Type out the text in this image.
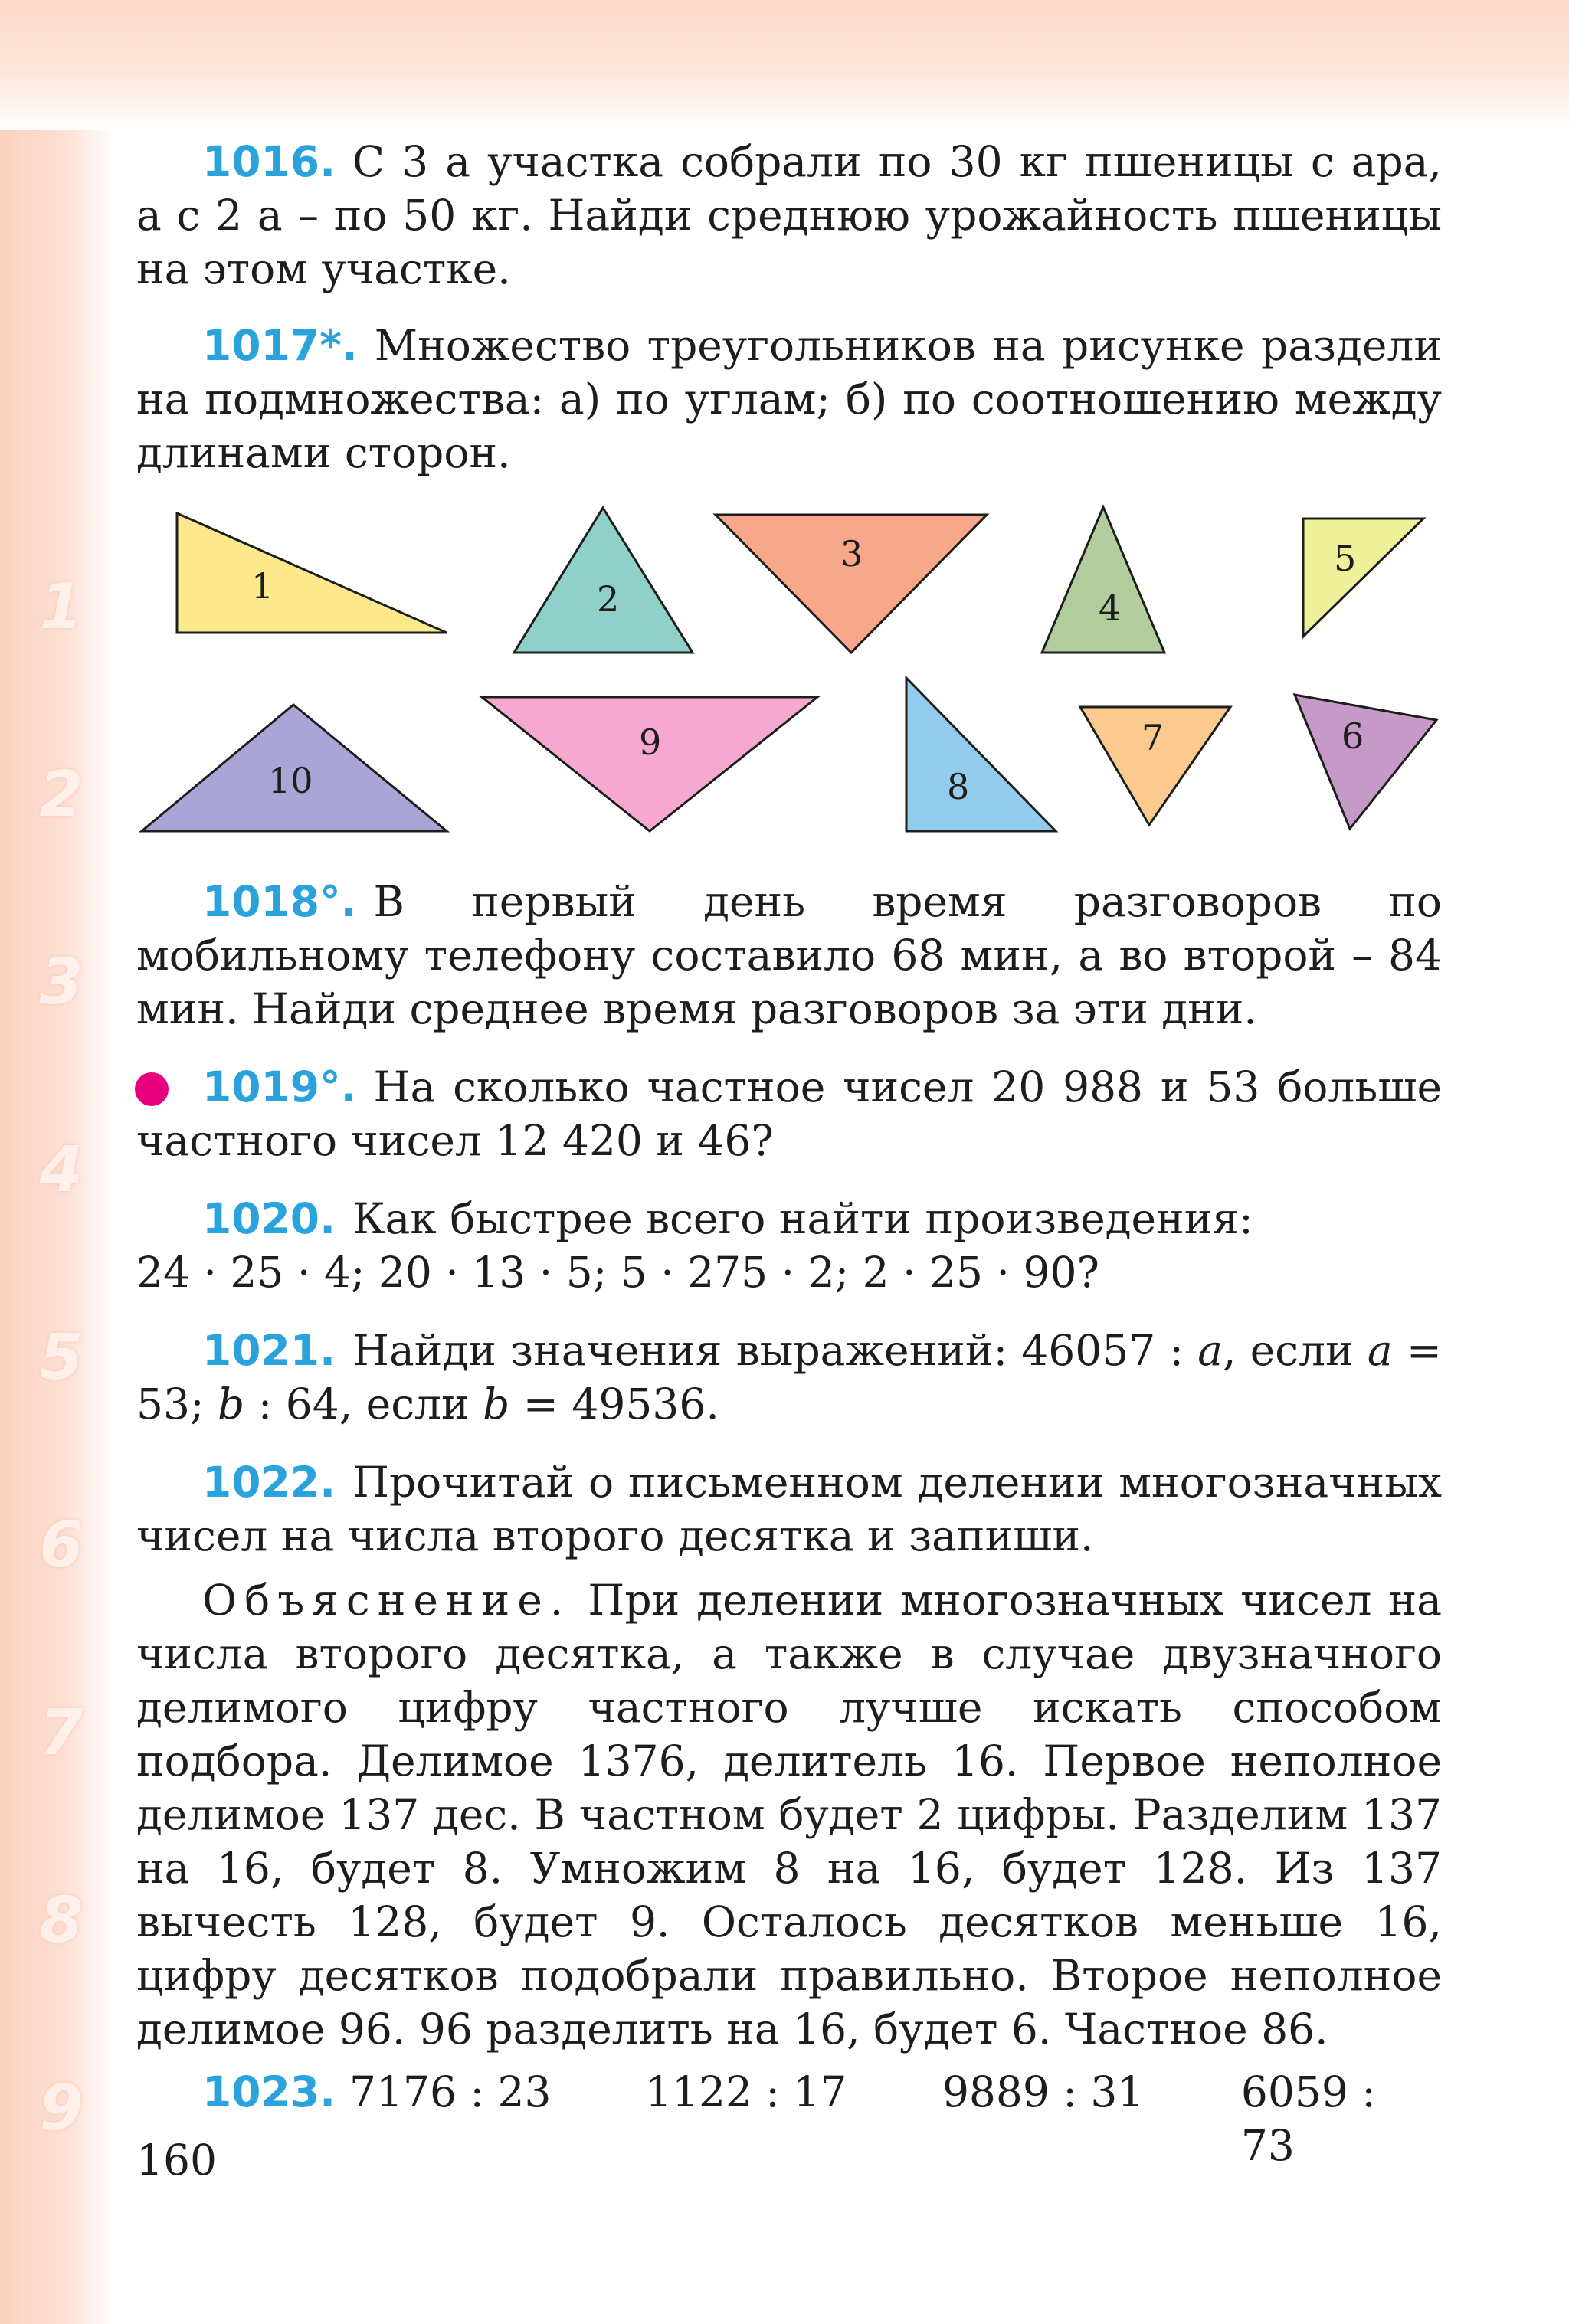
1
2
3
4
5
6
7
8
9

1016. С 3 а участка собрали по 30 кг пшеницы с ара, а с 2 а – по 50 кг. Найди среднюю урожайность пшеницы на этом участке.

1017*. Множество треугольников на рисунке раздели на подмножества: а) по углам; б) по соотношению между длинами сторон.

1	2
3
4
5
10
9
8
7	6

1018°. В первый день время разговоров по мобильному телефону составило 68 мин, а во второй – 84 мин. Найди среднее время разговоров за эти дни.

1019°. На сколько частное чисел 20 988 и 53 больше частного чисел 12 420 и 46?

1020. Как быстрее всего найти произведения:

24 · 25 · 4; 20 · 13 · 5; 5 · 275 · 2; 2 · 25 · 90?

1021. Найди значения выражений: 46057 : a, если a = 53; b : 64, если b = 49536.

1022. Прочитай о письменном делении многозначных чисел на числа второго десятка и запиши.

Объяснение. При делении многозначных чисел на числа второго десятка, а также в случае двузначного делимого цифру частного лучше искать способом подбора. Делимое 1376, делитель 16. Первое неполное делимое 137 дес. В частном будет 2 цифры. Разделим 137 на 16, будет 8. Умножим 8 на 16, будет 128. Из 137 вычесть 128, будет 9. Осталось десятков меньше 16, цифру десятков подобрали правильно. Второе неполное делимое 96. 96 разделить на 16, будет 6. Частное 86.

1023. 7176 : 23	1122 : 17	9889 : 31	6059 : 73
160
